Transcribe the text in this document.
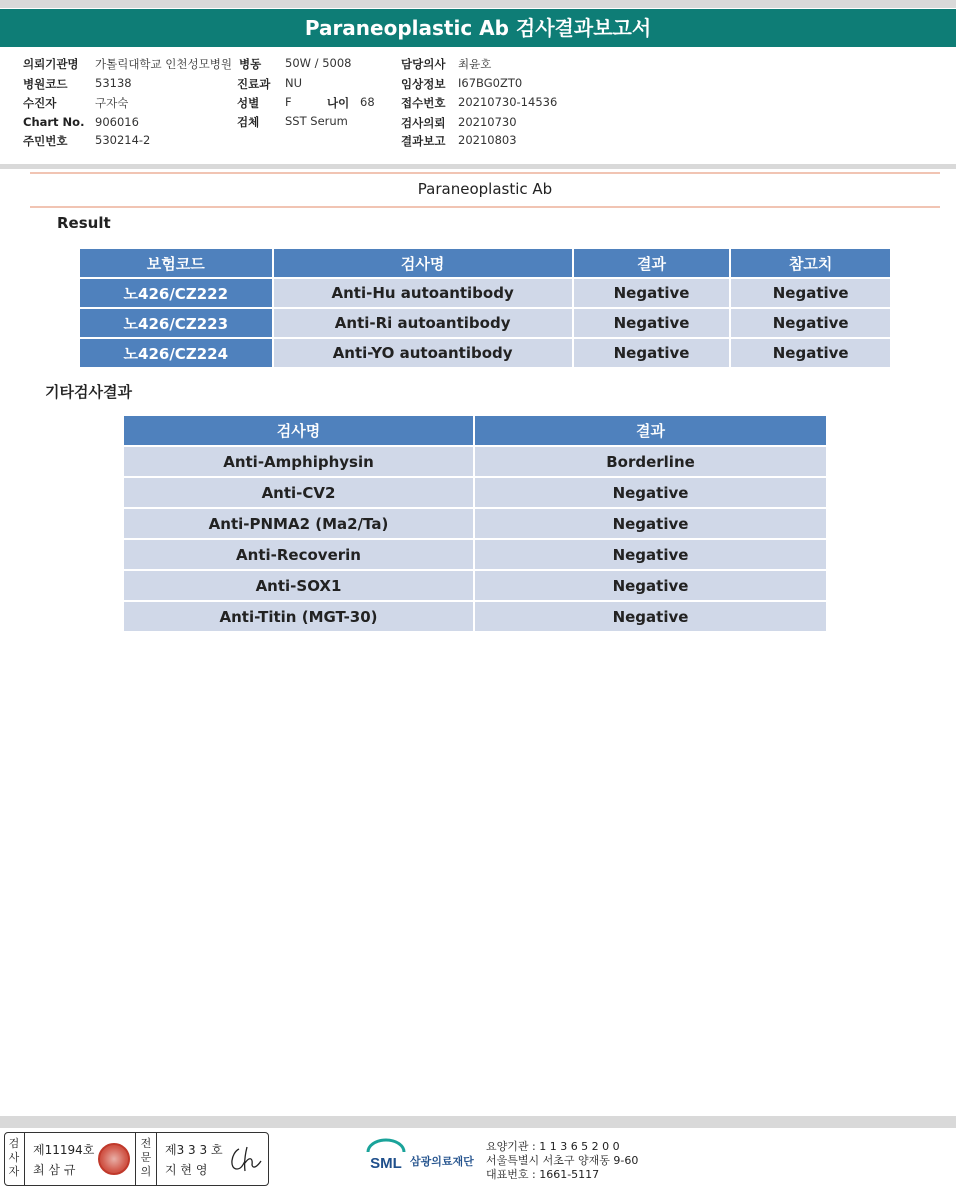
Paraneoplastic Ab 검사결과보고서
의뢰기관명 가톨릭대학교 인천성모병원
병원코드 53138
수진자	구자숙
Chart No. 906016
주민번호 530214-2
병동 50W / 5008
진료과 NU
성별 F	나이 68
검체 SST Serum
담당의사 최윤호
임상정보 I67BG0ZT0
접수번호 20210730-14536
검사의뢰 20210730
결과보고 20210803
Paraneoplastic Ab
Result
보험코드	검사명	결과	참고치
노426/CZ222	Anti-Hu autoantibody	Negative	Negative
노426/CZ223	Anti-Ri autoantibody	Negative	Negative
노426/CZ224	Anti-YO autoantibody	Negative	Negative
기타검사결과
검사명	결과
Anti-Amphiphysin	Borderline
Anti-CV2	Negative
Anti-PNMA2 (Ma2/Ta)	Negative
Anti-Recoverin	Negative
Anti-SOX1	Negative
Anti-Titin (MGT-30)	Negative
검사자
제11194호
최 삼 규
전문의
제3 3 3 호
지 현 영	SML 삼광의료재단
요양기관 : 1 1 3 6 5 2 0 0
서울특별시 서초구 양재동 9-60
대표번호 : 1661-5117
